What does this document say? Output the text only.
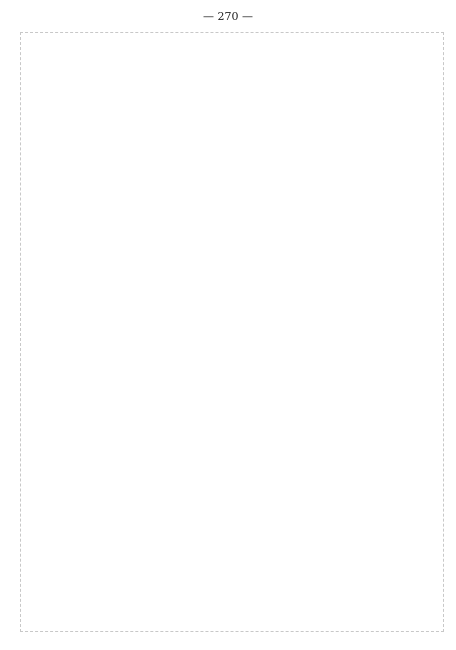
— 270 —
